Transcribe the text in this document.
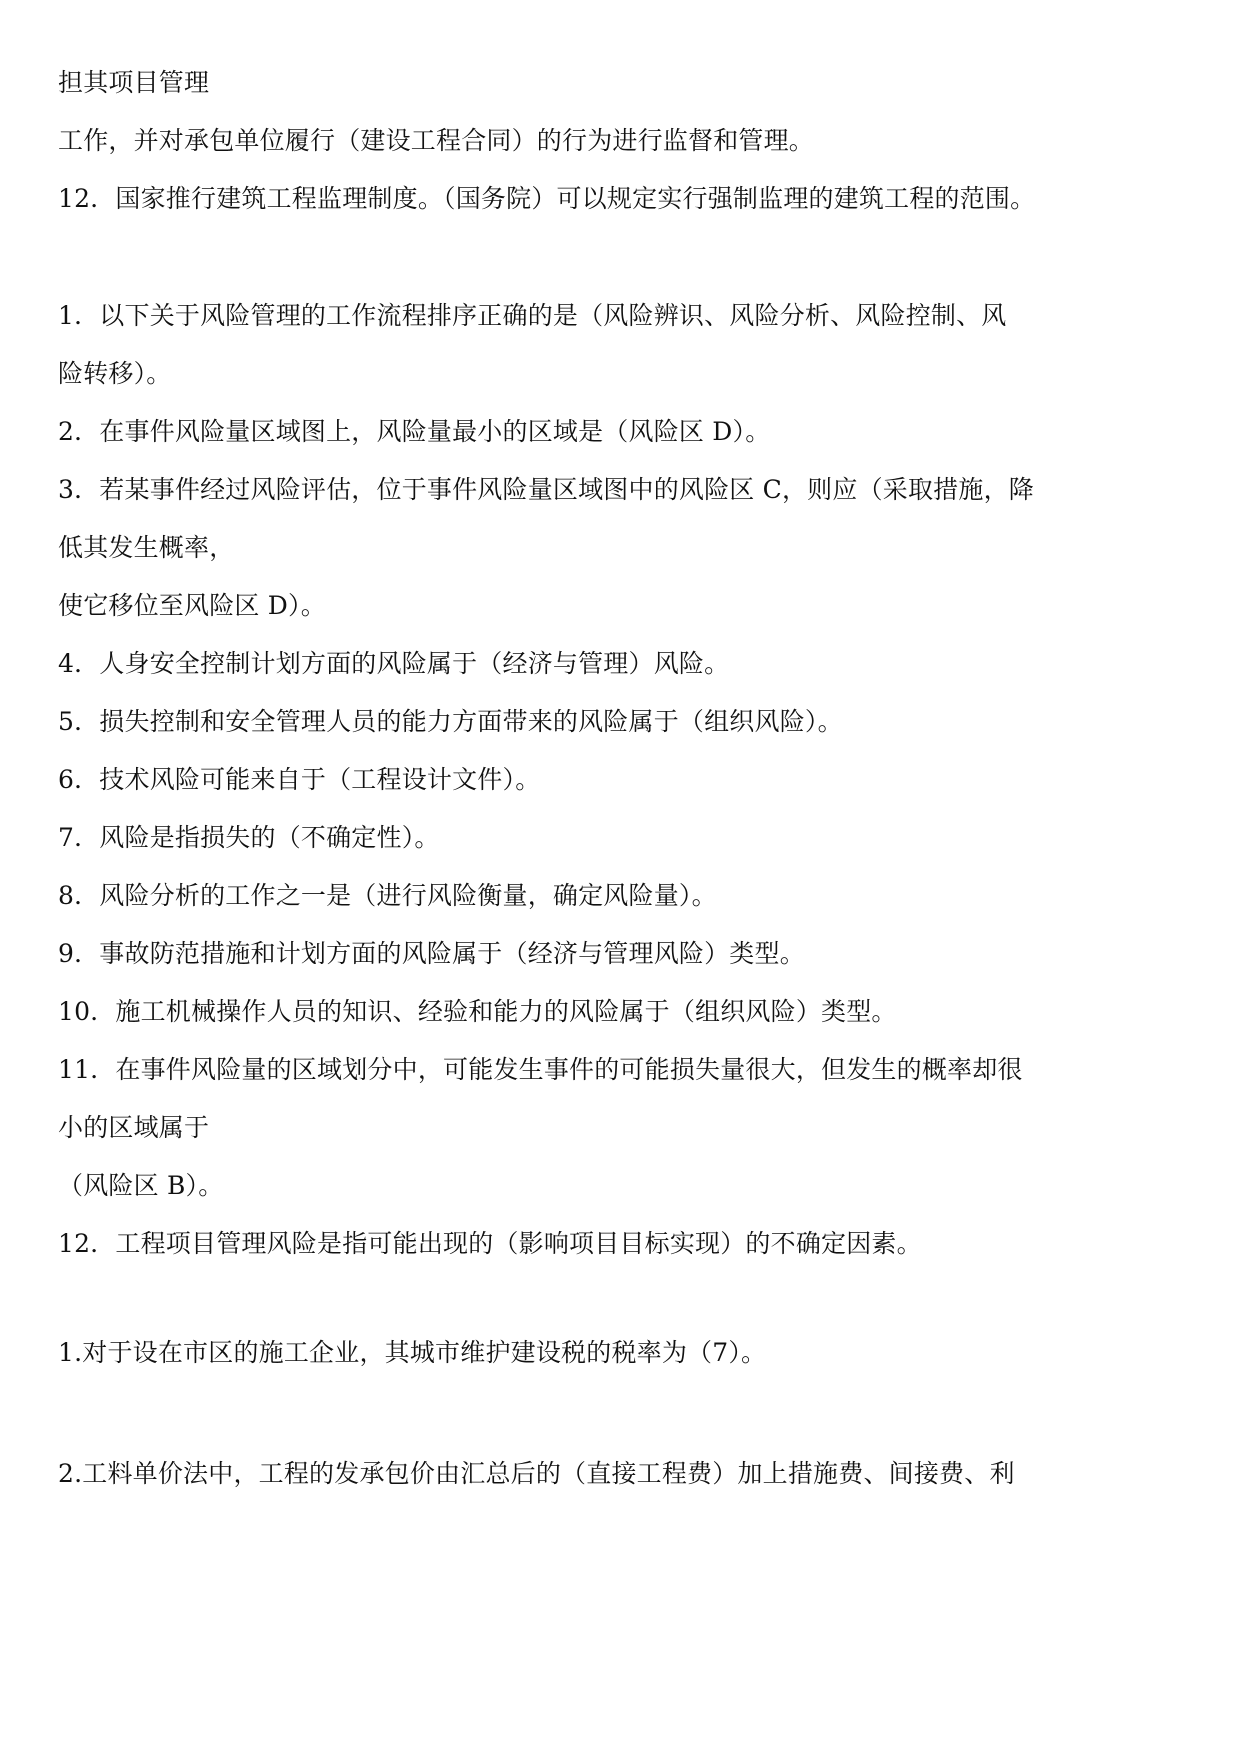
担其项目管理

工作，并对承包单位履行（建设工程合同）的行为进行监督和管理。

12．国家推行建筑工程监理制度。（国务院）可以规定实行强制监理的建筑工程的范围。

1．以下关于风险管理的工作流程排序正确的是（风险辨识、风险分析、风险控制、风

险转移）。

2．在事件风险量区域图上，风险量最小的区域是（风险区 D）。

3．若某事件经过风险评估，位于事件风险量区域图中的风险区 C，则应（采取措施，降

低其发生概率，

使它移位至风险区 D）。

4．人身安全控制计划方面的风险属于（经济与管理）风险。

5．损失控制和安全管理人员的能力方面带来的风险属于（组织风险）。

6．技术风险可能来自于（工程设计文件）。

7．风险是指损失的（不确定性）。

8．风险分析的工作之一是（进行风险衡量，确定风险量）。

9．事故防范措施和计划方面的风险属于（经济与管理风险）类型。

10．施工机械操作人员的知识、经验和能力的风险属于（组织风险）类型。

11．在事件风险量的区域划分中，可能发生事件的可能损失量很大，但发生的概率却很

小的区域属于

（风险区 B）。

12．工程项目管理风险是指可能出现的（影响项目目标实现）的不确定因素。

1.对于设在市区的施工企业，其城市维护建设税的税率为（7）。

2.工料单价法中，工程的发承包价由汇总后的（直接工程费）加上措施费、间接费、利
